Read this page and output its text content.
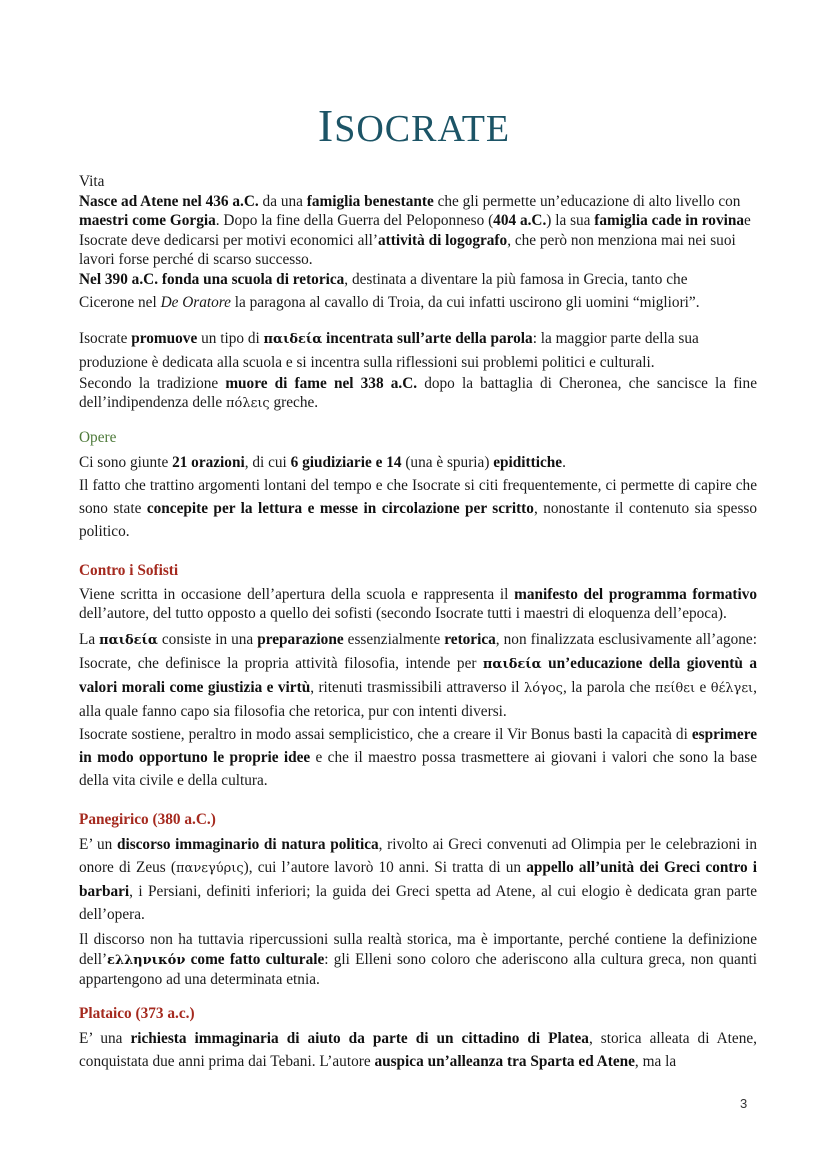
ISOCRATE

Vita

Nasce ad Atene nel 436 a.C. da una famiglia benestante che gli permette un’educazione di alto livello con maestri come Gorgia. Dopo la fine della Guerra del Peloponneso (404 a.C.) la sua famiglia cade in rovinae Isocrate deve dedicarsi per motivi economici all’attività di logografo, che però non menziona mai nei suoi lavori forse perché di scarso successo.

Nel 390 a.C. fonda una scuola di retorica, destinata a diventare la più famosa in Grecia, tanto che

Cicerone nel De Oratore la paragona al cavallo di Troia, da cui infatti uscirono gli uomini “migliori”.

Isocrate promuove un tipo di παιδεία incentrata sull’arte della parola: la maggior parte della sua produzione è dedicata alla scuola e si incentra sulla riflessioni sui problemi politici e culturali.

Secondo la tradizione muore di fame nel 338 a.C. dopo la battaglia di Cheronea, che sancisce la fine dell’indipendenza delle πόλεις greche.

Opere

Ci sono giunte 21 orazioni, di cui 6 giudiziarie e 14 (una è spuria) epidittiche.

Il fatto che trattino argomenti lontani del tempo e che Isocrate si citi frequentemente, ci permette di capire che sono state concepite per la lettura e messe in circolazione per scritto, nonostante il contenuto sia spesso politico.

Contro i Sofisti

Viene scritta in occasione dell’apertura della scuola e rappresenta il manifesto del programma formativo dell’autore, del tutto opposto a quello dei sofisti (secondo Isocrate tutti i maestri di eloquenza dell’epoca).

La παιδεία consiste in una preparazione essenzialmente retorica, non finalizzata esclusivamente all’agone: Isocrate, che definisce la propria attività filosofia, intende per παιδεία un’educazione della gioventù a valori morali come giustizia e virtù, ritenuti trasmissibili attraverso il λόγος, la parola che πείθει e θέλγει, alla quale fanno capo sia filosofia che retorica, pur con intenti diversi.

Isocrate sostiene, peraltro in modo assai semplicistico, che a creare il Vir Bonus basti la capacità di esprimere in modo opportuno le proprie idee e che il maestro possa trasmettere ai giovani i valori che sono la base della vita civile e della cultura.

Panegirico (380 a.C.)

E’ un discorso immaginario di natura politica, rivolto ai Greci convenuti ad Olimpia per le celebrazioni in onore di Zeus (πανεγύρις), cui l’autore lavorò 10 anni. Si tratta di un appello all’unità dei Greci contro i barbari, i Persiani, definiti inferiori; la guida dei Greci spetta ad Atene, al cui elogio è dedicata gran parte dell’opera.

Il discorso non ha tuttavia ripercussioni sulla realtà storica, ma è importante, perché contiene la definizione dell’ελληνικόν come fatto culturale: gli Elleni sono coloro che aderiscono alla cultura greca, non quanti appartengono ad una determinata etnia.

Plataico (373 a.c.)

E’ una richiesta immaginaria di aiuto da parte di un cittadino di Platea, storica alleata di Atene, conquistata due anni prima dai Tebani. L’autore auspica un’alleanza tra Sparta ed Atene, ma la

3
